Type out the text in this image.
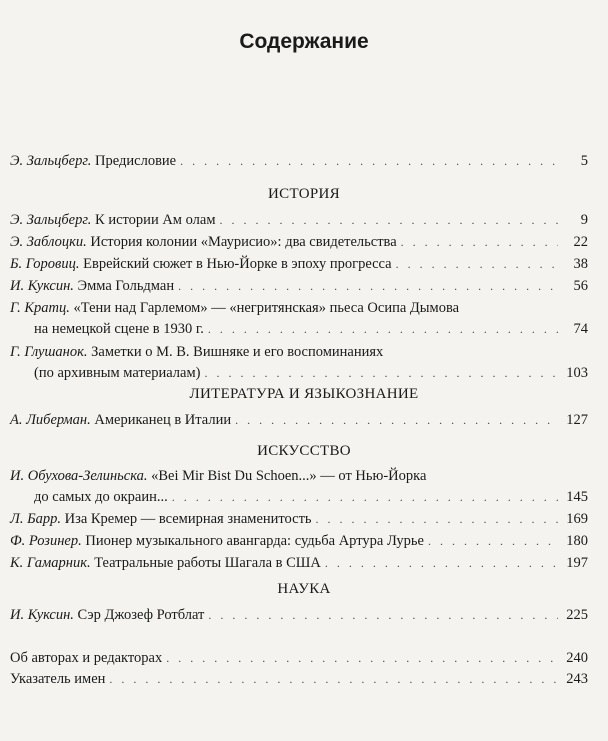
Содержание
Э. Зальцберг. Предисловие . . .	5
ИСТОРИЯ
Э. Зальцберг. К истории Ам олам . . .	9
Э. Заблоцки. История колонии «Маурисио»: два свидетельства . . .	22
Б. Горовиц. Еврейский сюжет в Нью-Йорке в эпоху прогресса . . .	38
И. Куксин. Эмма Гольдман . . .	56
Г. Кратц. «Тени над Гарлемом» — «негритянская» пьеса Осипа Дымова
на немецкой сцене в 1930 г. . . .	74
Г. Глушанок. Заметки о М. В. Вишняке и его воспоминаниях
(по архивным материалам) . . .	103
ЛИТЕРАТУРА И ЯЗЫКОЗНАНИЕ
А. Либерман. Американец в Италии . . .	127
ИСКУССТВО
И. Обухова-Зелиньска. «Bei Mir Bist Du Schoen...» — от Нью-Йорка
до самых до окраин... . . .	145
Л. Барр. Иза Кремер — всемирная знаменитость . . .	169
Ф. Розинер. Пионер музыкального авангарда: судьба Артура Лурье . . .	180
К. Гамарник. Театральные работы Шагала в США . . .	197
НАУКА
И. Куксин. Сэр Джозеф Ротблат . . .	225
Об авторах и редакторах . . .	240
Указатель имен . . .	243
